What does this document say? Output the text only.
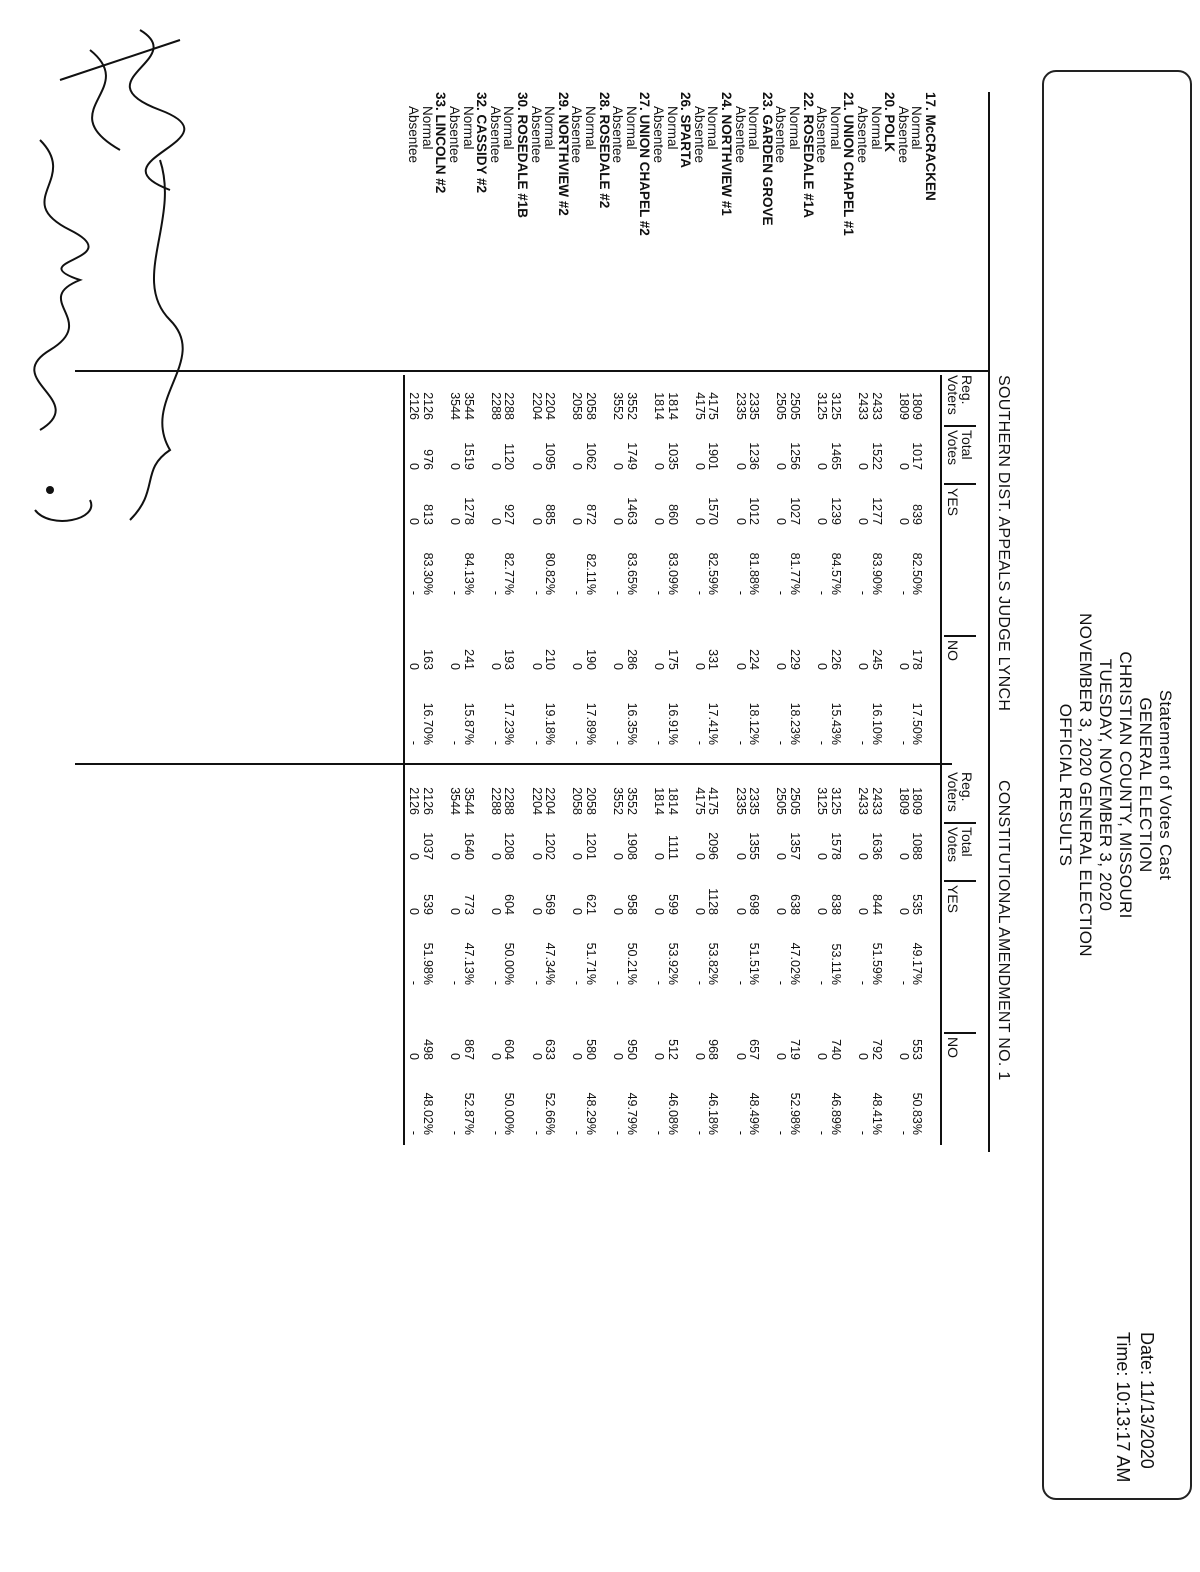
Statement of Votes Cast
GENERAL ELECTION
CHRISTIAN COUNTY, MISSOURI
TUESDAY, NOVEMBER 3, 2020
NOVEMBER 3, 2020 GENERAL ELECTION
OFFICIAL RESULTS
Date: 11/13/2020
Time: 10:13:17 AM
SOUTHERN DIST. APPEALS JUDGE LYNCH
CONSTITUTIONAL AMENDMENT NO. 1
Reg.
Voters
Total
Votes
YES
NO
Reg.
Voters
Total
Votes
YES
NO
17. McCRACKEN
Normal
1809
1017
839
82.50%
178
17.50%
1809
1088
535
49.17%
553
50.83%
Absentee
1809
0
0
-
0
-
1809
0
0
-
0
-
20. POLK
Normal
2433
1522
1277
83.90%
245
16.10%
2433
1636
844
51.59%
792
48.41%
Absentee
2433
0
0
-
0
-
2433
0
0
-
0
-
21. UNION CHAPEL #1
Normal
3125
1465
1239
84.57%
226
15.43%
3125
1578
838
53.11%
740
46.89%
Absentee
3125
0
0
-
0
-
3125
0
0
-
0
-
22. ROSEDALE #1A
Normal
2505
1256
1027
81.77%
229
18.23%
2505
1357
638
47.02%
719
52.98%
Absentee
2505
0
0
-
0
-
2505
0
0
-
0
-
23. GARDEN GROVE
Normal
2335
1236
1012
81.88%
224
18.12%
2335
1355
698
51.51%
657
48.49%
Absentee
2335
0
0
-
0
-
2335
0
0
-
0
-
24. NORTHVIEW #1
Normal
4175
1901
1570
82.59%
331
17.41%
4175
2096
1128
53.82%
968
46.18%
Absentee
4175
0
0
-
0
-
4175
0
0
-
0
-
26. SPARTA
Normal
1814
1035
860
83.09%
175
16.91%
1814
1111
599
53.92%
512
46.08%
Absentee
1814
0
0
-
0
-
1814
0
0
-
0
-
27. UNION CHAPEL #2
Normal
3552
1749
1463
83.65%
286
16.35%
3552
1908
958
50.21%
950
49.79%
Absentee
3552
0
0
-
0
-
3552
0
0
-
0
-
28. ROSEDALE #2
Normal
2058
1062
872
82.11%
190
17.89%
2058
1201
621
51.71%
580
48.29%
Absentee
2058
0
0
-
0
-
2058
0
0
-
0
-
29. NORTHVIEW #2
Normal
2204
1095
885
80.82%
210
19.18%
2204
1202
569
47.34%
633
52.66%
Absentee
2204
0
0
-
0
-
2204
0
0
-
0
-
30. ROSEDALE #1B
Normal
2288
1120
927
82.77%
193
17.23%
2288
1208
604
50.00%
604
50.00%
Absentee
2288
0
0
-
0
-
2288
0
0
-
0
-
32. CASSIDY #2
Normal
3544
1519
1278
84.13%
241
15.87%
3544
1640
773
47.13%
867
52.87%
Absentee
3544
0
0
-
0
-
3544
0
0
-
0
-
33. LINCOLN #2
Normal
2126
976
813
83.30%
163
16.70%
2126
1037
539
51.98%
498
48.02%
Absentee
2126
0
0
-
0
-
2126
0
0
-
0
-
